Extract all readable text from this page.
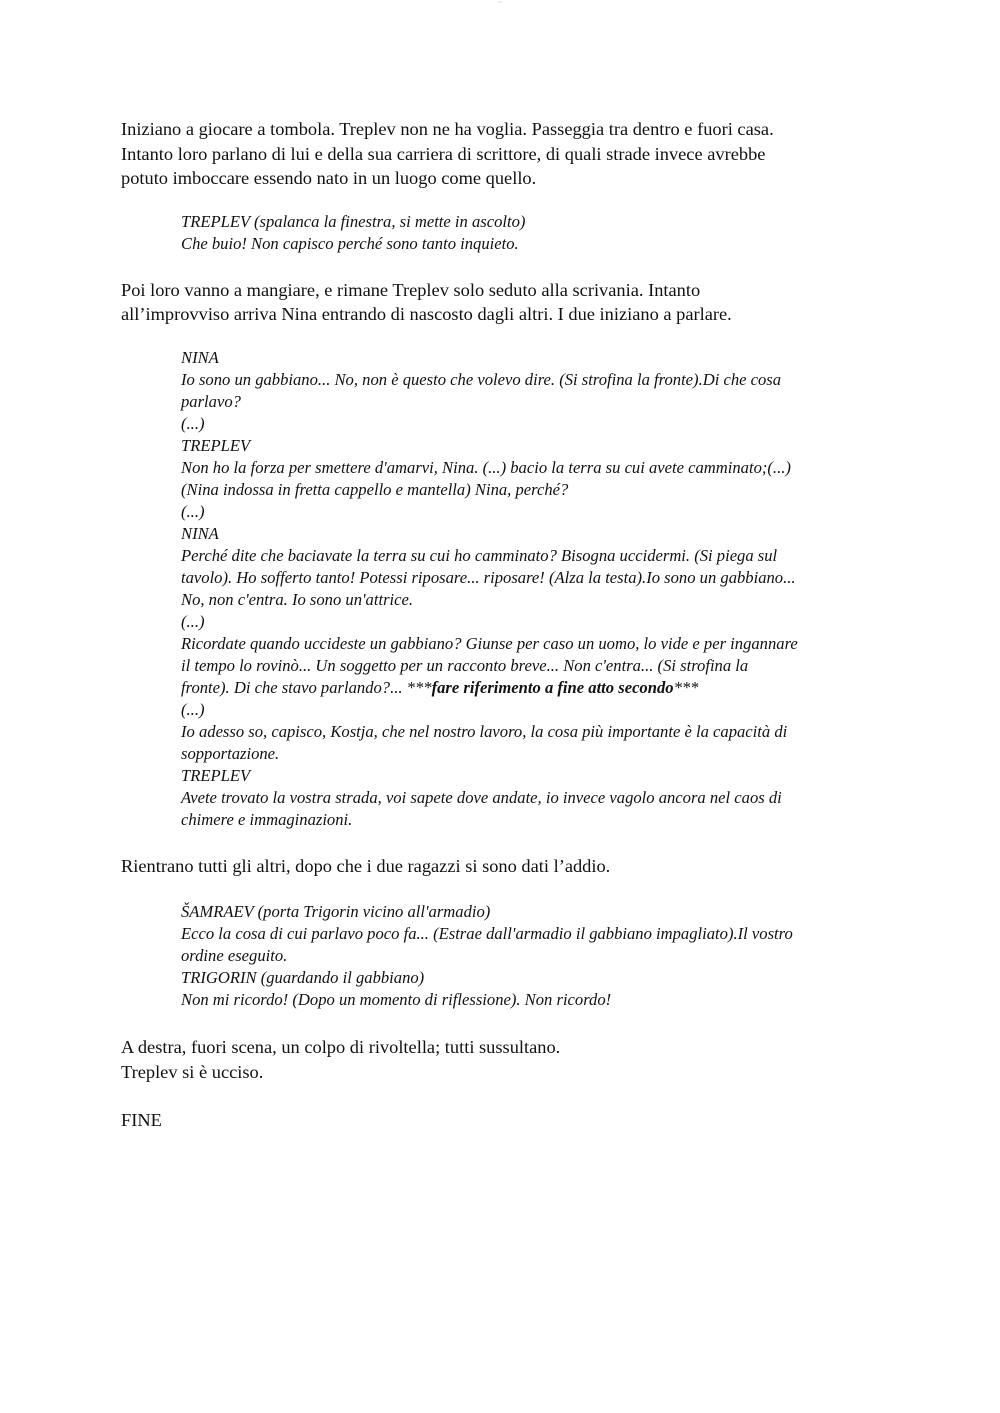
~~~
Iniziano a giocare a tombola. Treplev non ne ha voglia. Passeggia tra dentro e fuori casa.
Intanto loro parlano di lui e della sua carriera di scrittore, di quali strade invece avrebbe
potuto imboccare essendo nato in un luogo come quello.
TREPLEV (spalanca la finestra, si mette in ascolto)
Che buio! Non capisco perché sono tanto inquieto.
Poi loro vanno a mangiare, e rimane Treplev solo seduto alla scrivania. Intanto
all’improvviso arriva Nina entrando di nascosto dagli altri. I due iniziano a parlare.
NINA
Io sono un gabbiano... No, non è questo che volevo dire. (Si strofina la fronte).Di che cosa
parlavo?
(...)
TREPLEV
Non ho la forza per smettere d'amarvi, Nina. (...) bacio la terra su cui avete camminato;(...)
(Nina indossa in fretta cappello e mantella) Nina, perché?
(...)
NINA
Perché dite che baciavate la terra su cui ho camminato? Bisogna uccidermi. (Si piega sul
tavolo). Ho sofferto tanto! Potessi riposare... riposare! (Alza la testa).Io sono un gabbiano...
No, non c'entra. Io sono un'attrice.
(...)
Ricordate quando uccideste un gabbiano? Giunse per caso un uomo, lo vide e per ingannare
il tempo lo rovinò... Un soggetto per un racconto breve... Non c'entra... (Si strofina la
fronte). Di che stavo parlando?... ***fare riferimento a fine atto secondo***
(...)
Io adesso so, capisco, Kostja, che nel nostro lavoro, la cosa più importante è la capacità di
sopportazione.
TREPLEV
Avete trovato la vostra strada, voi sapete dove andate, io invece vagolo ancora nel caos di
chimere e immaginazioni.
Rientrano tutti gli altri, dopo che i due ragazzi si sono dati l’addio.
ŠAMRAEV (porta Trigorin vicino all'armadio)
Ecco la cosa di cui parlavo poco fa... (Estrae dall'armadio il gabbiano impagliato).Il vostro
ordine eseguito.
TRIGORIN (guardando il gabbiano)
Non mi ricordo! (Dopo un momento di riflessione). Non ricordo!
A destra, fuori scena, un colpo di rivoltella; tutti sussultano.
Treplev si è ucciso.
FINE
